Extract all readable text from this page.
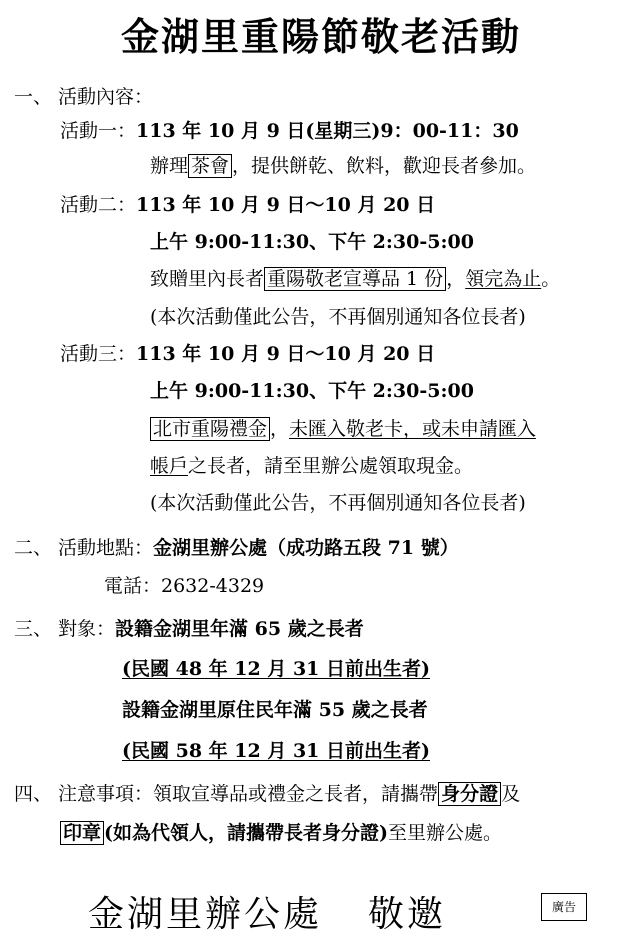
金湖里重陽節敬老活動
一、 活動內容：
活動一：113 年 10 月 9 日(星期三)9：00-11：30
辦理 茶會 ，提供餅乾、飲料，歡迎長者參加。
活動二：113 年 10 月 9 日～10 月 20 日
上午 9:00-11:30、下午 2:30-5:00
致贈里內長者 重陽敬老宣導品 1 份 ，領完為止。
(本次活動僅此公告，不再個別通知各位長者)
活動三：113 年 10 月 9 日～10 月 20 日
上午 9:00-11:30、下午 2:30-5:00
北市重陽禮金 ，未匯入敬老卡，或未申請匯入
帳戶之長者，請至里辦公處領取現金。
(本次活動僅此公告，不再個別通知各位長者)
二、 活動地點：金湖里辦公處（成功路五段 71 號）
電話：2632-4329
三、 對象：設籍金湖里年滿 65 歲之長者
(民國 48 年 12 月 31 日前出生者)
設籍金湖里原住民年滿 55 歲之長者
(民國 58 年 12 月 31 日前出生者)
四、 注意事項：領取宣導品或禮金之長者，請攜帶 身分證 及
印章 (如為代領人，請攜帶長者身分證)至里辦公處。
金湖里辦公處 敬邀	廣告
